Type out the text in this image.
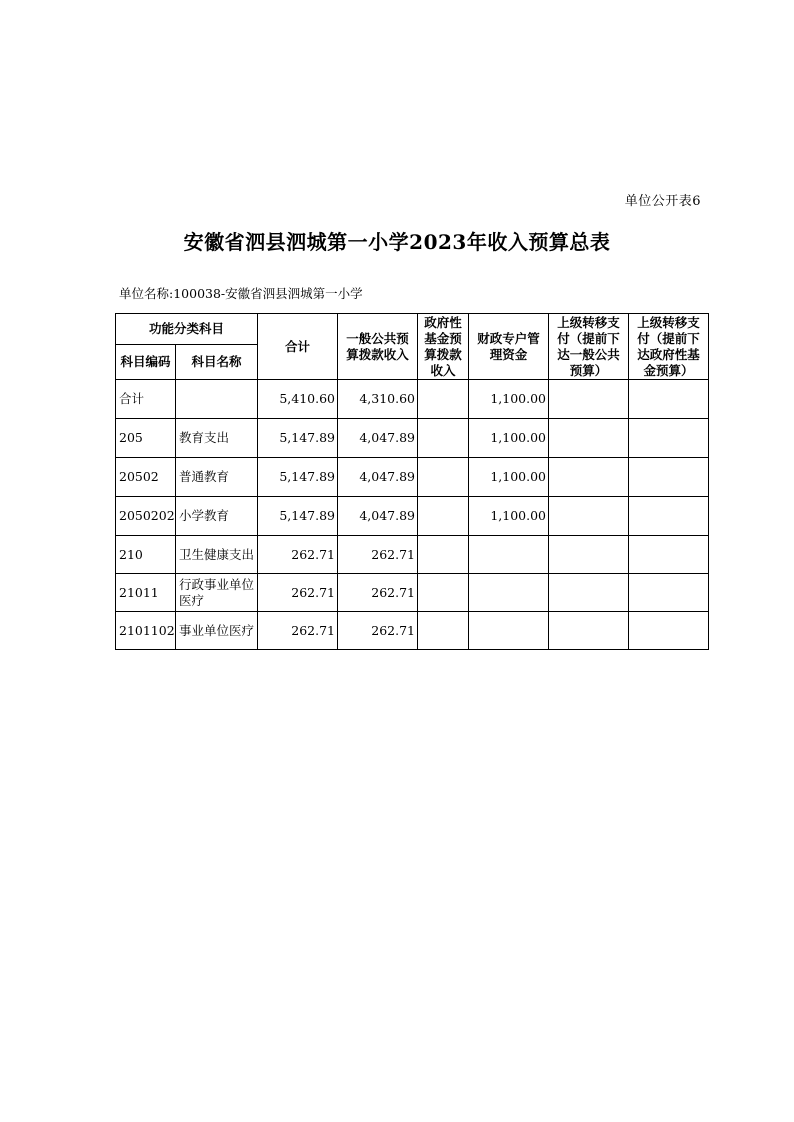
单位公开表6
安徽省泗县泗城第一小学2023年收入预算总表
单位名称:100038-安徽省泗县泗城第一小学
功能分类科目		合计	一般公共预算拨款收入	政府性基金预算拨款收入	财政专户管理资金	上级转移支付（提前下达一般公共预算）	上级转移支付（提前下达政府性基金预算）
科目编码	科目名称						
合计		5,410.60	4,310.60		1,100.00		
205	教育支出	5,147.89	4,047.89		1,100.00		
20502	普通教育	5,147.89	4,047.89		1,100.00		
2050202	小学教育	5,147.89	4,047.89		1,100.00		
210	卫生健康支出	262.71	262.71				
21011	行政事业单位医疗	262.71	262.71				
2101102	事业单位医疗	262.71	262.71				
